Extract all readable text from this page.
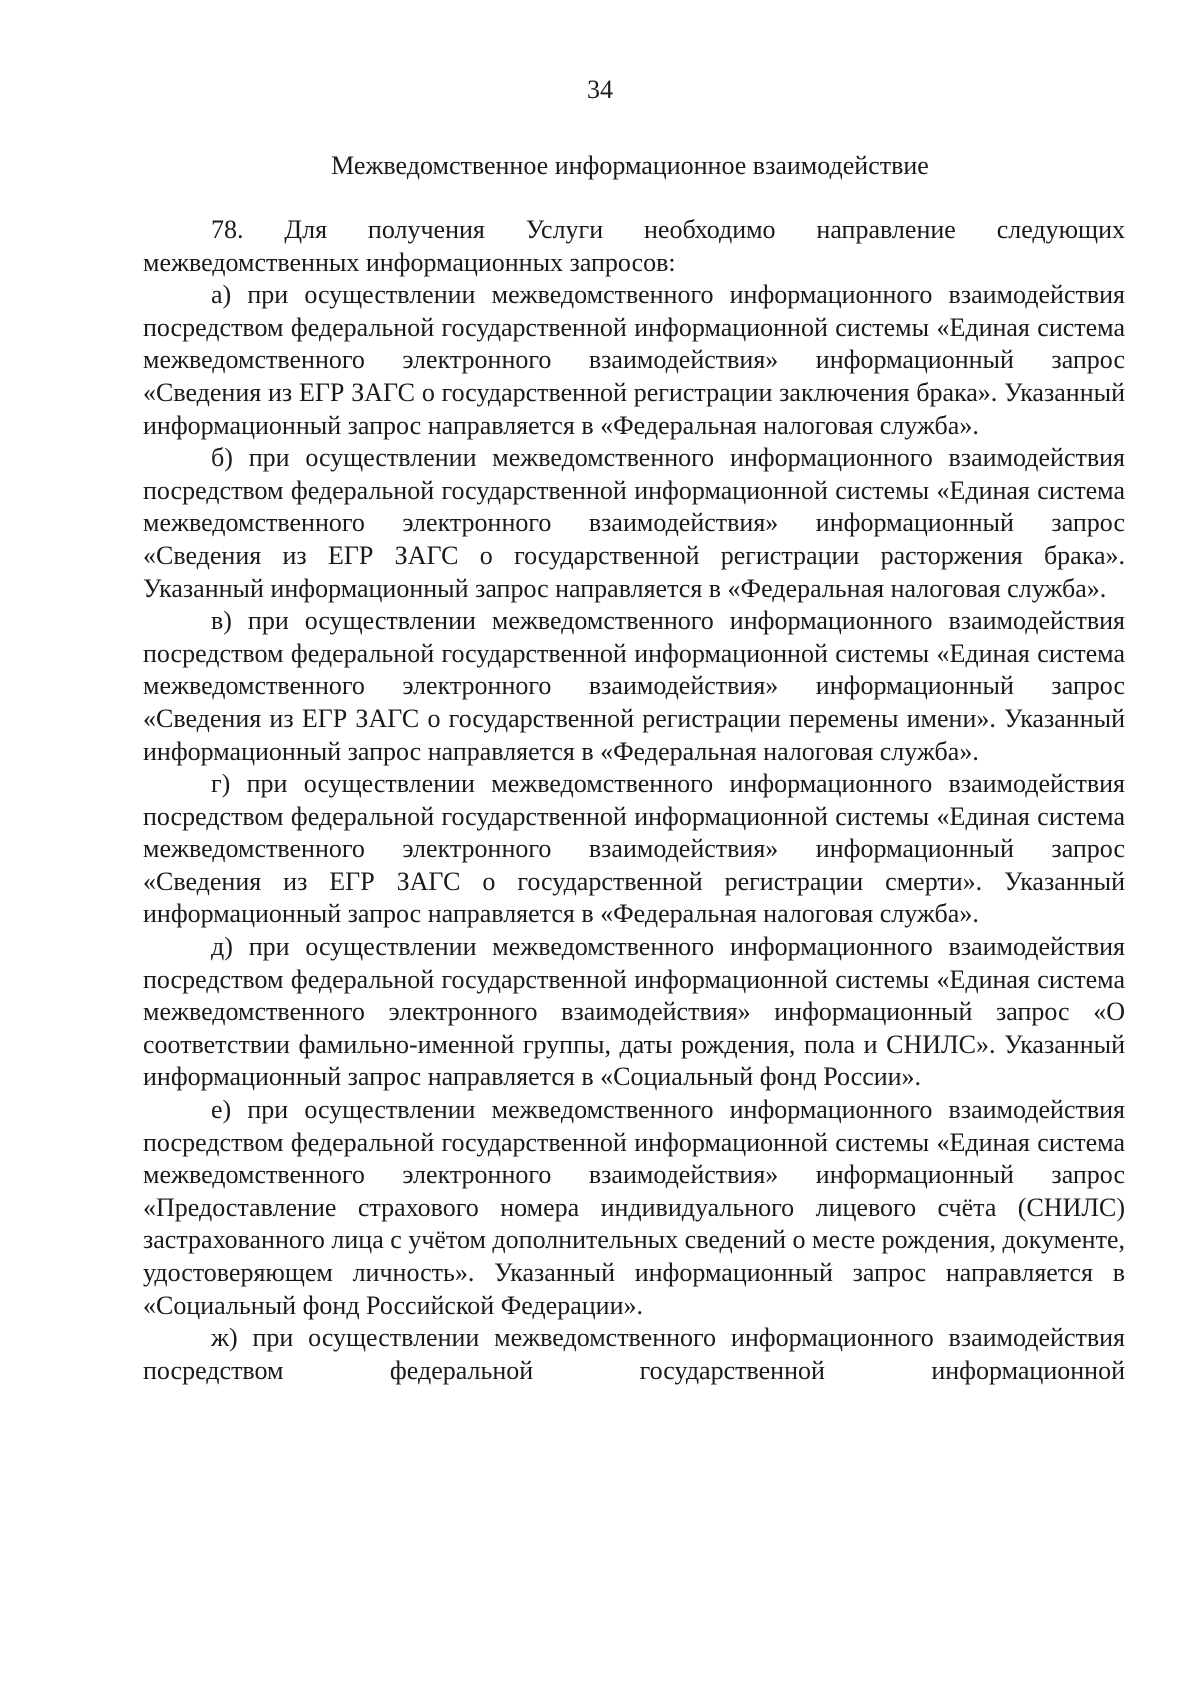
34
Межведомственное информационное взаимодействие

78. Для получения Услуги необходимо направление следующих межведомственных информационных запросов:

а) при осуществлении межведомственного информационного взаимодействия посредством федеральной государственной информационной системы «Единая система межведомственного электронного взаимодействия» информационный запрос «Сведения из ЕГР ЗАГС о государственной регистрации заключения брака». Указанный информационный запрос направляется в «Федеральная налоговая служба».

б) при осуществлении межведомственного информационного взаимодействия посредством федеральной государственной информационной системы «Единая система межведомственного электронного взаимодействия» информационный запрос «Сведения из ЕГР ЗАГС о государственной регистрации расторжения брака». Указанный информационный запрос направляется в «Федеральная налоговая служба».

в) при осуществлении межведомственного информационного взаимодействия посредством федеральной государственной информационной системы «Единая система межведомственного электронного взаимодействия» информационный запрос «Сведения из ЕГР ЗАГС о государственной регистрации перемены имени». Указанный информационный запрос направляется в «Федеральная налоговая служба».

г) при осуществлении межведомственного информационного взаимодействия посредством федеральной государственной информационной системы «Единая система межведомственного электронного взаимодействия» информационный запрос «Сведения из ЕГР ЗАГС о государственной регистрации смерти». Указанный информационный запрос направляется в «Федеральная налоговая служба».

д) при осуществлении межведомственного информационного взаимодействия посредством федеральной государственной информационной системы «Единая система межведомственного электронного взаимодействия» информационный запрос «О соответствии фамильно-именной группы, даты рождения, пола и СНИЛС». Указанный информационный запрос направляется в «Социальный фонд России».

е) при осуществлении межведомственного информационного взаимодействия посредством федеральной государственной информационной системы «Единая система межведомственного электронного взаимодействия» информационный запрос «Предоставление страхового номера индивидуального лицевого счёта (СНИЛС) застрахованного лица с учётом дополнительных сведений о месте рождения, документе, удостоверяющем личность». Указанный информационный запрос направляется в «Социальный фонд Российской Федерации».

ж) при осуществлении межведомственного информационного взаимодействия посредством федеральной государственной информационной
